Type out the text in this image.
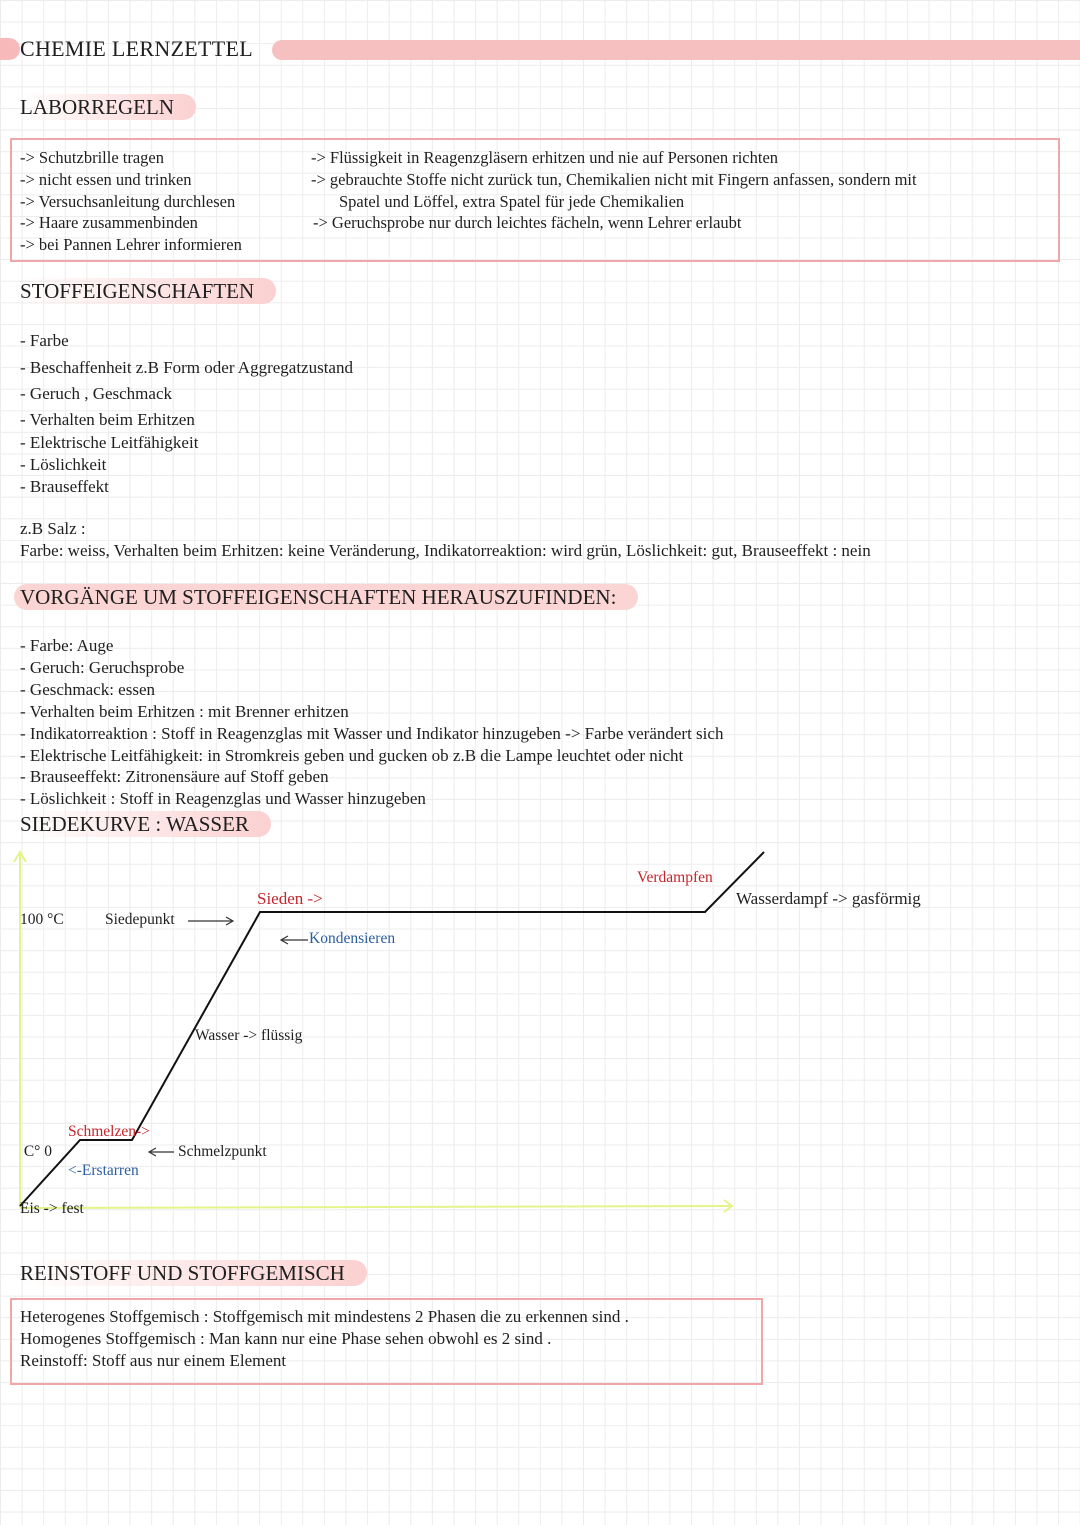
CHEMIE LERNZETTEL
LABORREGELN
-> Schutzbrille tragen
-> nicht essen und trinken
-> Versuchsanleitung durchlesen
-> Haare zusammenbinden
-> bei Pannen Lehrer informieren
-> Flüssigkeit in Reagenzgläsern erhitzen und nie auf Personen richten
-> gebrauchte Stoffe nicht zurück tun, Chemikalien nicht mit Fingern anfassen, sondern mit
Spatel und Löffel, extra Spatel für jede Chemikalien
-> Geruchsprobe nur durch leichtes fächeln, wenn Lehrer erlaubt
STOFFEIGENSCHAFTEN
- Farbe
- Beschaffenheit z.B Form oder Aggregatzustand
- Geruch , Geschmack
- Verhalten beim Erhitzen
- Elektrische Leitfähigkeit
- Löslichkeit
- Brauseffekt
z.B Salz :
Farbe: weiss, Verhalten beim Erhitzen: keine Veränderung, Indikatorreaktion: wird grün, Löslichkeit: gut, Brauseeffekt : nein
VORGÄNGE UM STOFFEIGENSCHAFTEN HERAUSZUFINDEN:
- Farbe: Auge
- Geruch: Geruchsprobe
- Geschmack: essen
- Verhalten beim Erhitzen : mit Brenner erhitzen
- Indikatorreaktion : Stoff in Reagenzglas mit Wasser und Indikator hinzugeben -> Farbe verändert sich
- Elektrische Leitfähigkeit: in Stromkreis geben und gucken ob z.B die Lampe leuchtet oder nicht
- Brauseeffekt: Zitronensäure auf Stoff geben
- Löslichkeit : Stoff in Reagenzglas und Wasser hinzugeben
SIEDEKURVE : WASSER
100 °C	Siedepunkt
Sieden ->
Kondensieren
Verdampfen
Wasserdampf -> gasförmig
Wasser -> flüssig
Schmelzen->
Schmelzpunkt
0 °C
<-Erstarren
Eis -> fest
REINSTOFF UND STOFFGEMISCH
Heterogenes Stoffgemisch : Stoffgemisch mit mindestens 2 Phasen die zu erkennen sind .
Homogenes Stoffgemisch : Man kann nur eine Phase sehen obwohl es 2 sind .
Reinstoff: Stoff aus nur einem Element
